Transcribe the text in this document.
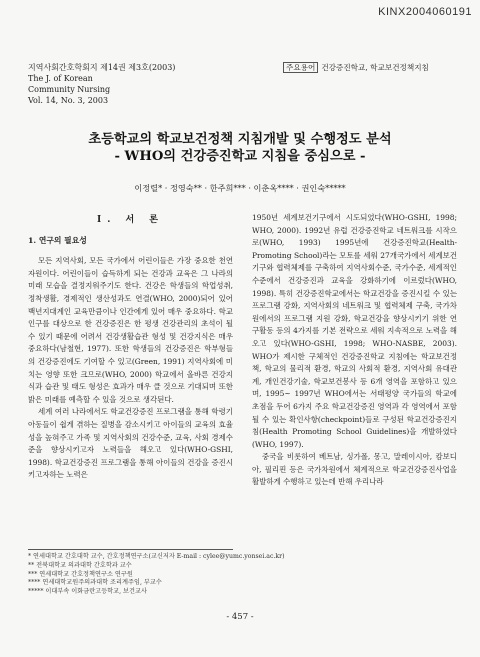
KINX2004060191
지역사회간호학회지 제14권 제3호(2003)
The J. of Korean
Community Nursing
Vol. 14, No. 3, 2003
주요용어 건강증진학교, 학교보건정책지침
초등학교의 학교보건정책 지침개발 및 수행정도 분석
- WHO의 건강증진학교 지침을 중심으로 -
이정렬* · 정영숙** · 한주희*** · 이춘옥**** · 권인숙*****
I. 서 론
1. 연구의 필요성

모든 지역사회, 모든 국가에서 어린이들은 가장 중요한 천연자원이다. 어린이들이 습득하게 되는 건강과 교육은 그 나라의 미래 모습을 결정지워주기도 한다. 건강은 학생들의 학업성취, 정착생활, 경제적인 생산성과도 연결(WHO, 2000)되어 있어 백년지대계인 교육만큼이나 인간에게 있어 매우 중요하다. 학교인구를 대상으로 한 건강증진은 한 평생 건강관리의 초석이 될 수 있기 때문에 어려서 건강생활습관 형성 및 건강지식은 매우 중요하다(남철현, 1977). 또한 학생들의 건강증진은 학부형들의 건강증진에도 기여할 수 있고(Green, 1991) 지역사회에 미치는 영향 또한 크므로(WHO, 2000) 학교에서 올바른 건강지식과 습관 및 태도 형성은 효과가 매우 클 것으로 기대되며 또한 밝은 미래를 예측할 수 있을 것으로 생각된다.

세계 여러 나라에서도 학교건강증진 프로그램을 통해 학령기 아동들이 쉽게 겪하는 질병을 감소시키고 아이들의 교육의 효율성을 높혀주고 가족 및 지역사회의 건강수준, 교육, 사회 경제수준을 향상시키고자 노력들을 해오고 있다(WHO-GSHI, 1998). 학교건강증진 프로그램을 통해 아이들의 건강을 증진시키고자하는 노력은

1950년 세계보건기구에서 시도되었다(WHO-GSHI, 1998; WHO, 2000). 1992년 유럽 건강증진학교 네트워크를 시작으로(WHO, 1993) 1995년에 건강증진학교(Health-Promoting School)라는 모토를 세워 27개국가에서 세계보건기구와 협력체제를 구축하여 지역사회수준, 국가수준, 세계적인 수준에서 건강증진과 교육을 강화하기에 이르렀다(WHO, 1998). 특히 건강증진학교에서는 학교건강을 증진시킬 수 있는 프로그램 강화, 지역사회의 네트워크 및 협력체제 구축, 국가차원에서의 프로그램 지원 강화, 학교건강을 향상시키기 위한 연구활동 등의 4가지를 기본 전략으로 세워 지속적으로 노력을 해오고 있다(WHO-GSHI, 1998; WHO-NASBE, 2003). WHO가 제시한 구체적인 건강증진학교 지침에는 학교보건정책, 학교의 물리적 환경, 학교의 사회적 환경, 지역사회 유대관계, 개인건강기술, 학교보건봉사 등 6개 영역을 포함하고 있으며, 1995~ 1997년 WHO에서는 서태평양 국가들의 학교에 초점을 두어 6가지 주요 학교건강증진 영역과 각 영역에서 포함될 수 있는 확인사항(checkpoint)들로 구성된 학교건강증진지침(Health Promoting School Guidelines)을 개발하였다(WHO, 1997).

중국을 비롯하여 베트남, 싱가폴, 몽고, 말레이시아, 캄보디아, 필리핀 등은 국가차원에서 체계적으로 학교건강증진사업을 활발하게 수행하고 있는데 반해 우리나라

* 연세대학교 간호대학 교수, 간호정책연구소(교신저자 E-mail : cylee@yumc.yonsei.ac.kr)
** 전북대학교 의과대학 간호학과 교수
*** 연세대학교 간호정책연구소 연구원
**** 연세대학교원주의과대학 조리계주임, 부교수
***** 이대부속 이화금란고등학교, 보건교사
- 457 -
